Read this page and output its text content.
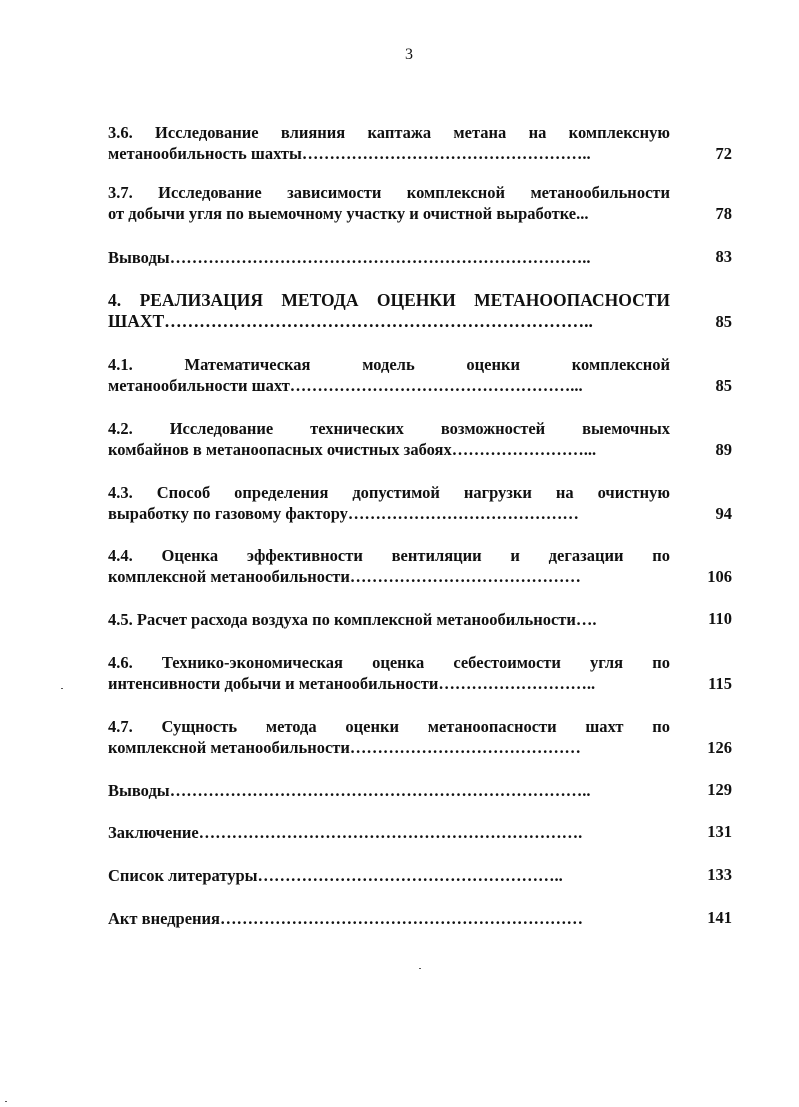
3
3.6. Исследование влияния каптажа метана на комплексную
метанообильность шахты……………………………………………..	72
3.7. Исследование зависимости комплексной метанообильности
от добычи угля по выемочному участку и очистной выработке...	78
Выводы…………………………………………………………………..	83
4. РЕАЛИЗАЦИЯ МЕТОДА ОЦЕНКИ МЕТАНООПАСНОСТИ
ШАХТ………………………………………………………………..	85
4.1. Математическая модель оценки комплексной
метанообильности шахт……………………………………………...	85
4.2. Исследование технических возможностей выемочных
комбайнов в метаноопасных очистных забоях……………………...	89
4.3. Способ определения допустимой нагрузки на очистную
выработку по газовому фактору……………………………………	94
4.4. Оценка эффективности вентиляции и дегазации по
комплексной метанообильности……………………………………	106
4.5. Расчет расхода воздуха по комплексной метанообильности….	110
4.6. Технико-экономическая оценка себестоимости угля по
интенсивности добычи и метанообильности………………………..	115
4.7. Сущность метода оценки метаноопасности шахт по
комплексной метанообильности……………………………………	126
Выводы…………………………………………………………………..	129
Заключение…………………………………………………………….	131
Список литературы………………………………………………..	133
Акт внедрения…………………………………………………………	141
